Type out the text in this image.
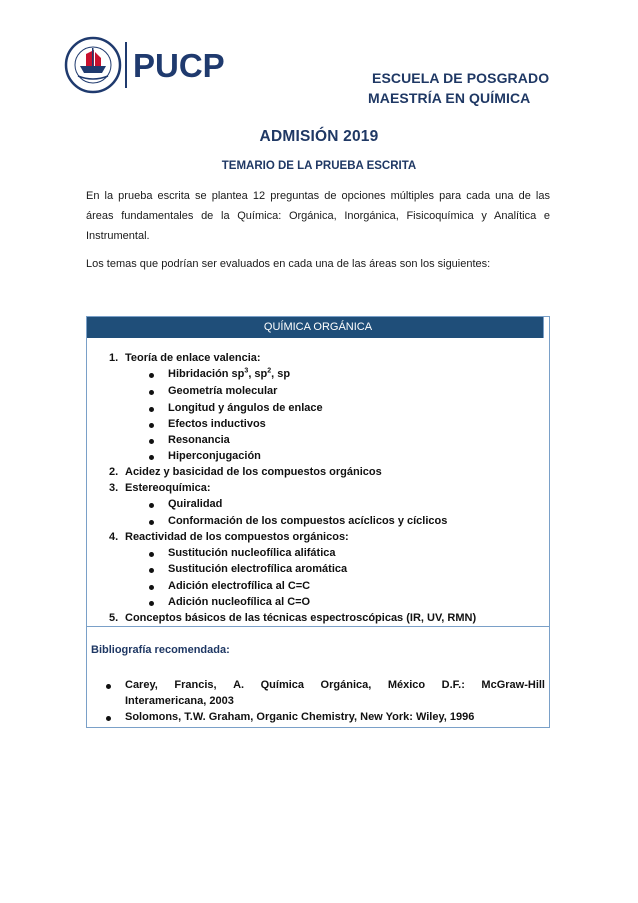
PUCP	ESCUELA DE POSGRADO
MAESTRÍA EN QUÍMICA
ADMISIÓN 2019
TEMARIO DE LA PRUEBA ESCRITA
En la prueba escrita se plantea 12 preguntas de opciones múltiples para cada una de las áreas fundamentales de la Química: Orgánica, Inorgánica, Fisicoquímica y Analítica e Instrumental.
Los temas que podrían ser evaluados en cada una de las áreas son los siguientes:
QUÍMICA ORGÁNICA
1. Teoría de enlace valencia:
Hibridación $sp^3$, $sp^2$, sp
Geometría molecular
Longitud y ángulos de enlace
Efectos inductivos
Resonancia
Hiperconjugación
2. Acidez y basicidad de los compuestos orgánicos
3. Estereoquímica:
Quiralidad
Conformación de los compuestos acíclicos y cíclicos
4. Reactividad de los compuestos orgánicos:
Sustitución nucleofílica alifática
Sustitución electrofílica aromática
Adición electrofílica al C=C
Adición nucleofílica al C=O
5. Conceptos básicos de las técnicas espectroscópicas (IR, UV, RMN)
Bibliografía recomendada:
Carey, Francis, A. Química Orgánica, México D.F.: McGraw-Hill
Interamericana, 2003
Solomons, T.W. Graham, Organic Chemistry, New York: Wiley, 1996
